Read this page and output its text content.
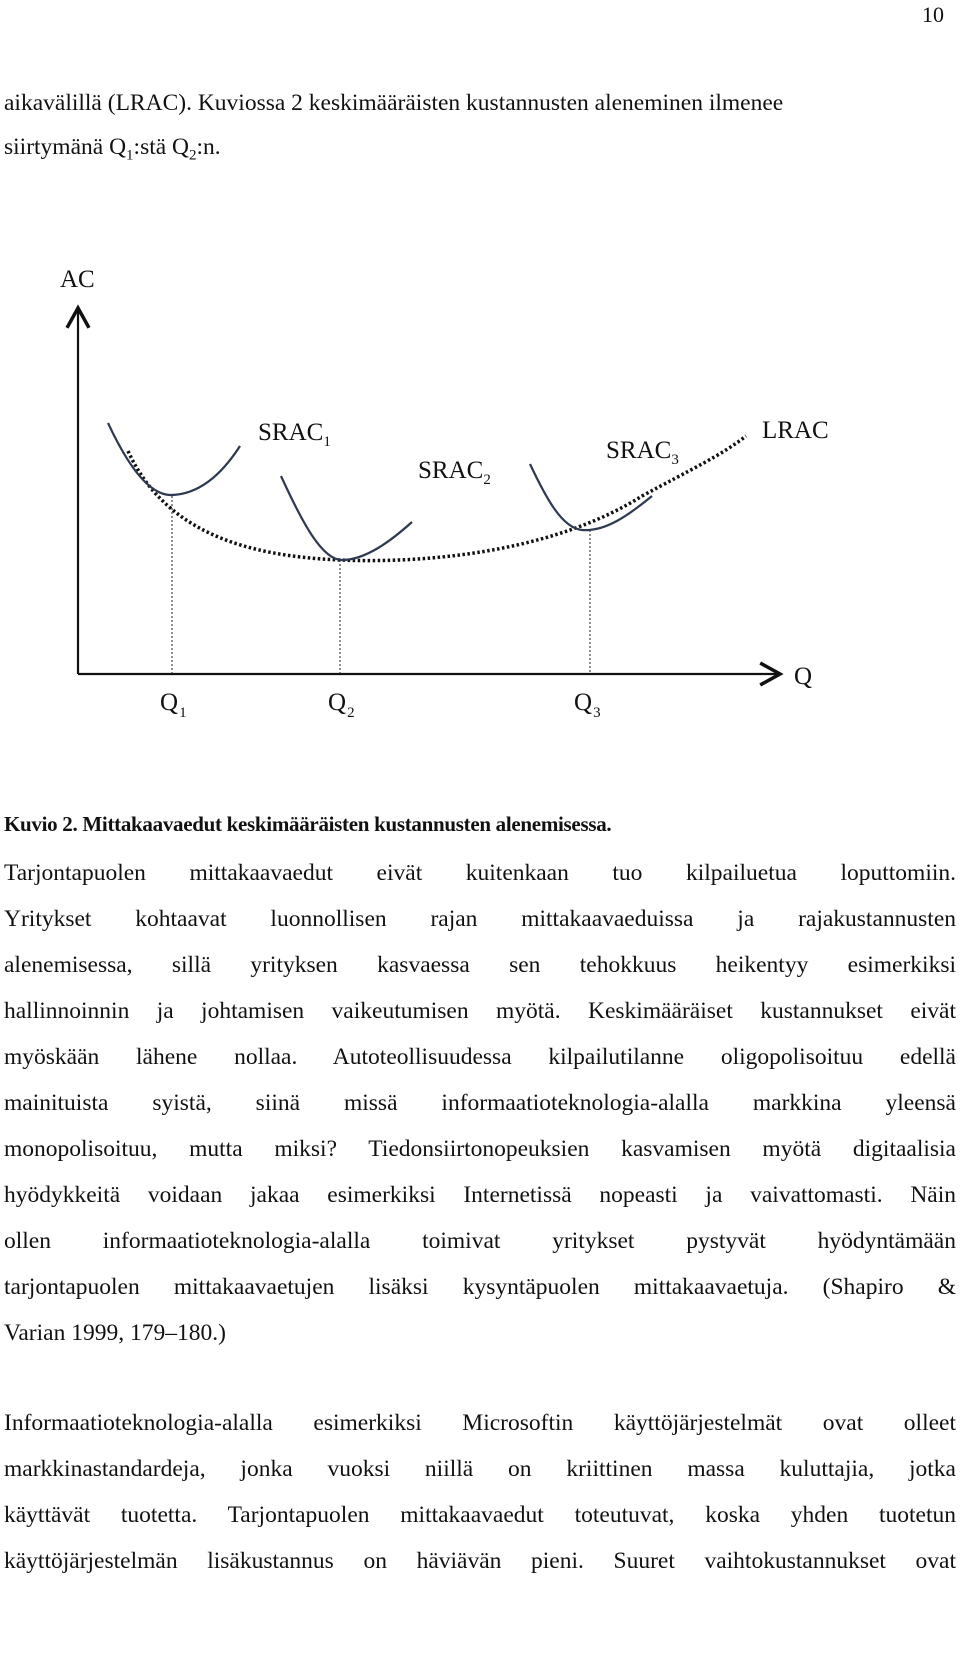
10
aikavälillä (LRAC). Kuviossa 2 keskimääräisten kustannusten aleneminen ilmenee
siirtymänä $Q_1:stä$ $Q_2:n$.
AC
Q
$SRAC_1$
$SRAC_2$
$SRAC_3$
LRAC
$Q_1$	$Q_2$	$Q_3$
Kuvio 2. Mittakaavaedut keskimääräisten kustannusten alenemisessa.
Tarjontapuolen mittakaavaedut eivät kuitenkaan tuo kilpailuetua loputtomiin.
Yritykset kohtaavat luonnollisen rajan mittakaavaeduissa ja rajakustannusten
alenemisessa, sillä yrityksen kasvaessa sen tehokkuus heikentyy esimerkiksi
hallinnoinnin ja johtamisen vaikeutumisen myötä. Keskimääräiset kustannukset eivät
myöskään lähene nollaa. Autoteollisuudessa kilpailutilanne oligopolisoituu edellä
mainituista syistä, siinä missä informaatioteknologia-alalla markkina yleensä
monopolisoituu, mutta miksi? Tiedonsiirtonopeuksien kasvamisen myötä digitaalisia
hyödykkeitä voidaan jakaa esimerkiksi Internetissä nopeasti ja vaivattomasti. Näin
ollen informaatioteknologia-alalla toimivat yritykset pystyvät hyödyntämään
tarjontapuolen mittakaavaetujen lisäksi kysyntäpuolen mittakaavaetuja. (Shapiro &
Varian 1999, 179–180.)
Informaatioteknologia-alalla esimerkiksi Microsoftin käyttöjärjestelmät ovat olleet
markkinastandardeja, jonka vuoksi niillä on kriittinen massa kuluttajia, jotka
käyttävät tuotetta. Tarjontapuolen mittakaavaedut toteutuvat, koska yhden tuotetun
käyttöjärjestelmän lisäkustannus on häviävän pieni. Suuret vaihtokustannukset ovat
